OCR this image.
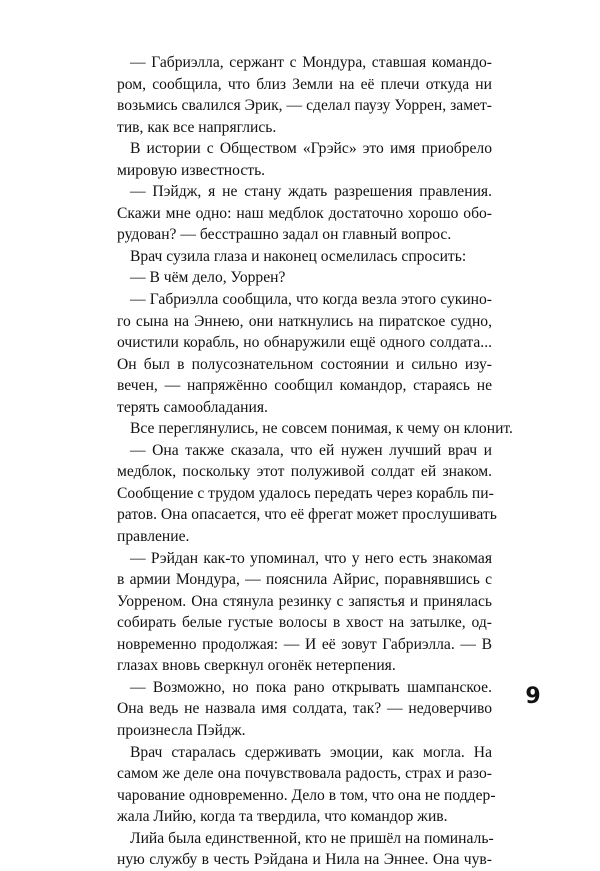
— Габриэлла, сержант с Мондура, ставшая командо-
ром, сообщила, что близ Земли на её плечи откуда ни
возьмись свалился Эрик, — сделал паузу Уоррен, замет-
тив, как все напряглись.
В истории с Обществом «Грэйс» это имя приобрело
мировую известность.
— Пэйдж, я не стану ждать разрешения правления.
Скажи мне одно: наш медблок достаточно хорошо обо-
рудован? — бесстрашно задал он главный вопрос.
Врач сузила глаза и наконец осмелилась спросить:
— В чём дело, Уоррен?
— Габриэлла сообщила, что когда везла этого сукино-
го сына на Эннею, они наткнулись на пиратское судно,
очистили корабль, но обнаружили ещё одного солдата...
Он был в полусознательном состоянии и сильно изу-
вечен, — напряжённо сообщил командор, стараясь не
терять самообладания.
Все переглянулись, не совсем понимая, к чему он клонит.
— Она также сказала, что ей нужен лучший врач и
медблок, поскольку этот полуживой солдат ей знаком.
Сообщение с трудом удалось передать через корабль пи-
ратов. Она опасается, что её фрегат может прослушивать
правление.
— Рэйдан как-то упоминал, что у него есть знакомая
в армии Мондура, — пояснила Айрис, поравнявшись с
Уорреном. Она стянула резинку с запястья и принялась
собирать белые густые волосы в хвост на затылке, од-
новременно продолжая: — И её зовут Габриэлла. — В
глазах вновь сверкнул огонёк нетерпения.
— Возможно, но пока рано открывать шампанское.
Она ведь не назвала имя солдата, так? — недоверчиво
произнесла Пэйдж.
Врач старалась сдерживать эмоции, как могла. На
самом же деле она почувствовала радость, страх и разо-
чарование одновременно. Дело в том, что она не поддер-
жала Лийю, когда та твердила, что командор жив.
Лийа была единственной, кто не пришёл на поминаль-
ную службу в честь Рэйдана и Нила на Эннее. Она чув-
9
